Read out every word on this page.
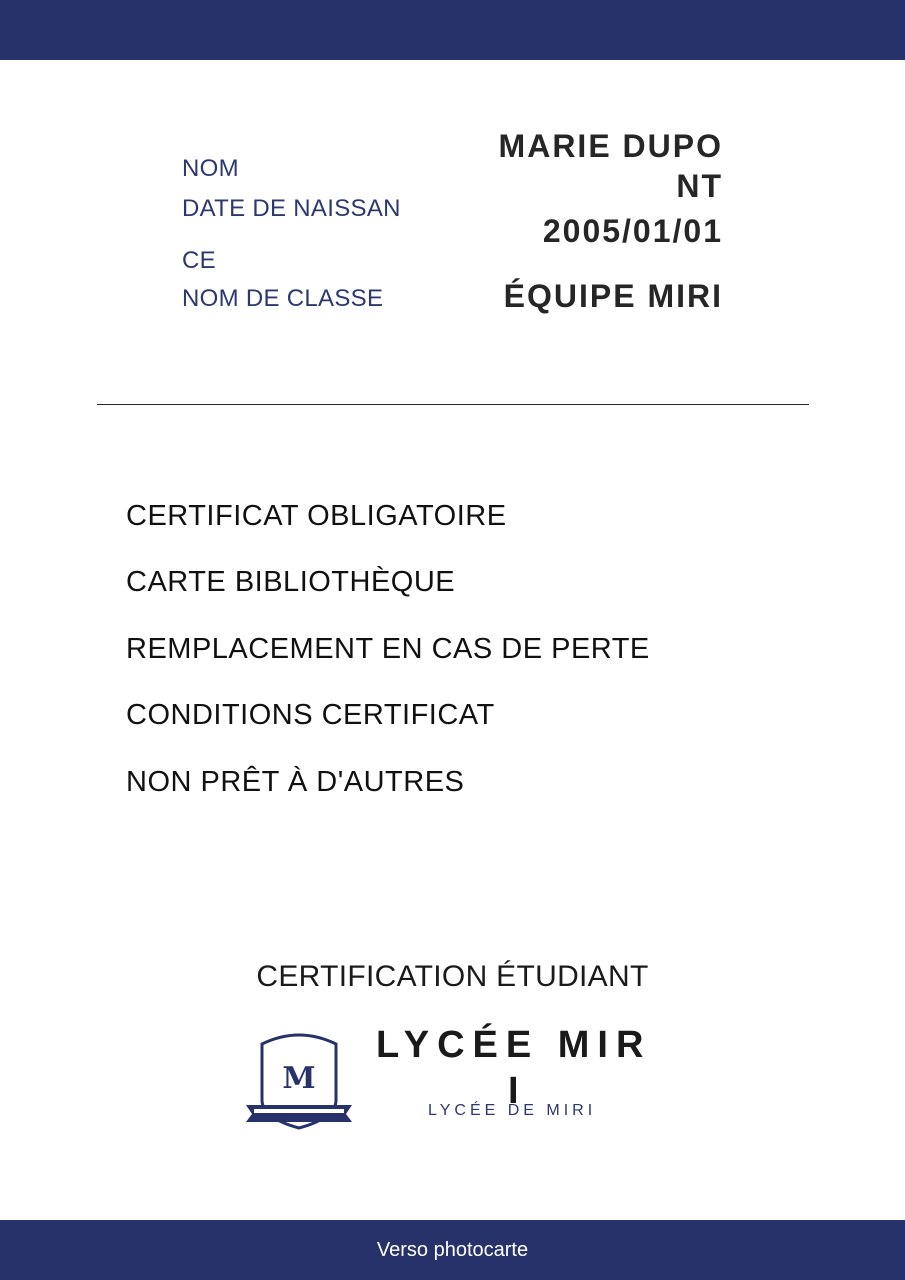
NOM
DATE DE NAISSAN
CE
NOM DE CLASSE
MARIE DUPO
NT
2005/01/01
ÉQUIPE MIRI
CERTIFICAT OBLIGATOIRE
CARTE BIBLIOTHÈQUE
REMPLACEMENT EN CAS DE PERTE
CONDITIONS CERTIFICAT
NON PRÊT À D'AUTRES
CERTIFICATION ÉTUDIANT
M
LYCÉE MIR
LYCÉE DE MIRI
I
Verso photocarte
